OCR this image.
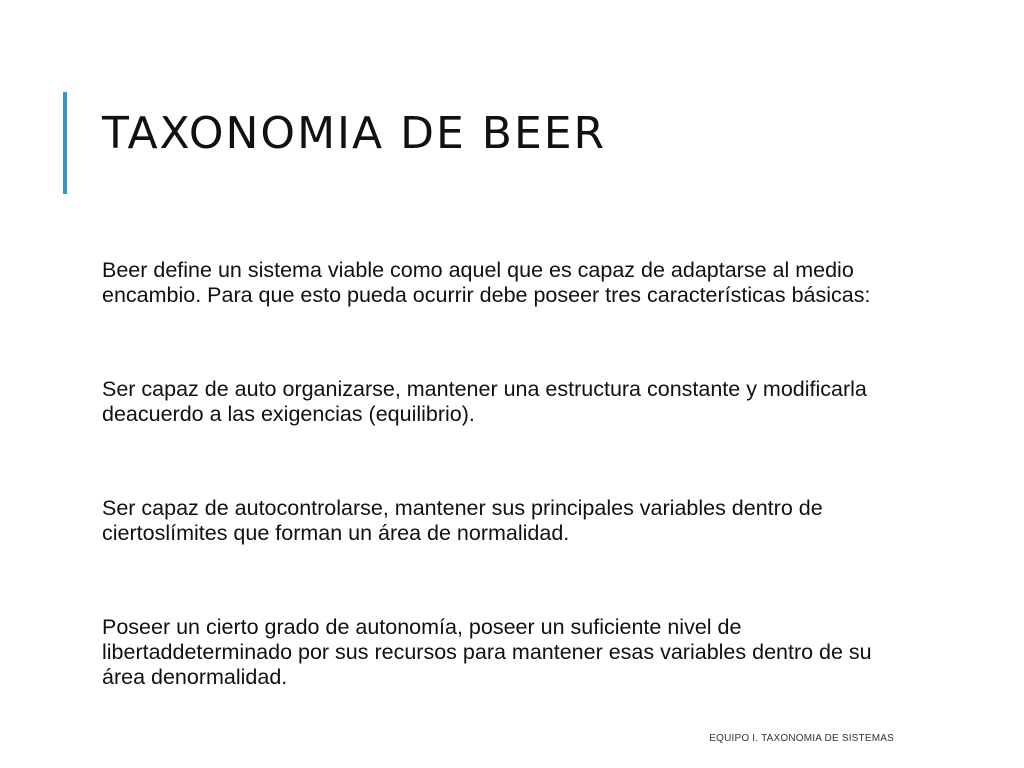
TAXONOMIA DE BEER

Beer define un sistema viable como aquel que es capaz de adaptarse al medio encambio. Para que esto pueda ocurrir debe poseer tres características básicas:

Ser capaz de auto organizarse, mantener una estructura constante y modificarla deacuerdo a las exigencias (equilibrio).

Ser capaz de autocontrolarse, mantener sus principales variables dentro de ciertoslímites que forman un área de normalidad.

Poseer un cierto grado de autonomía, poseer un suficiente nivel de libertaddeterminado por sus recursos para mantener esas variables dentro de su área denormalidad.

EQUIPO I. TAXONOMIA DE SISTEMAS
